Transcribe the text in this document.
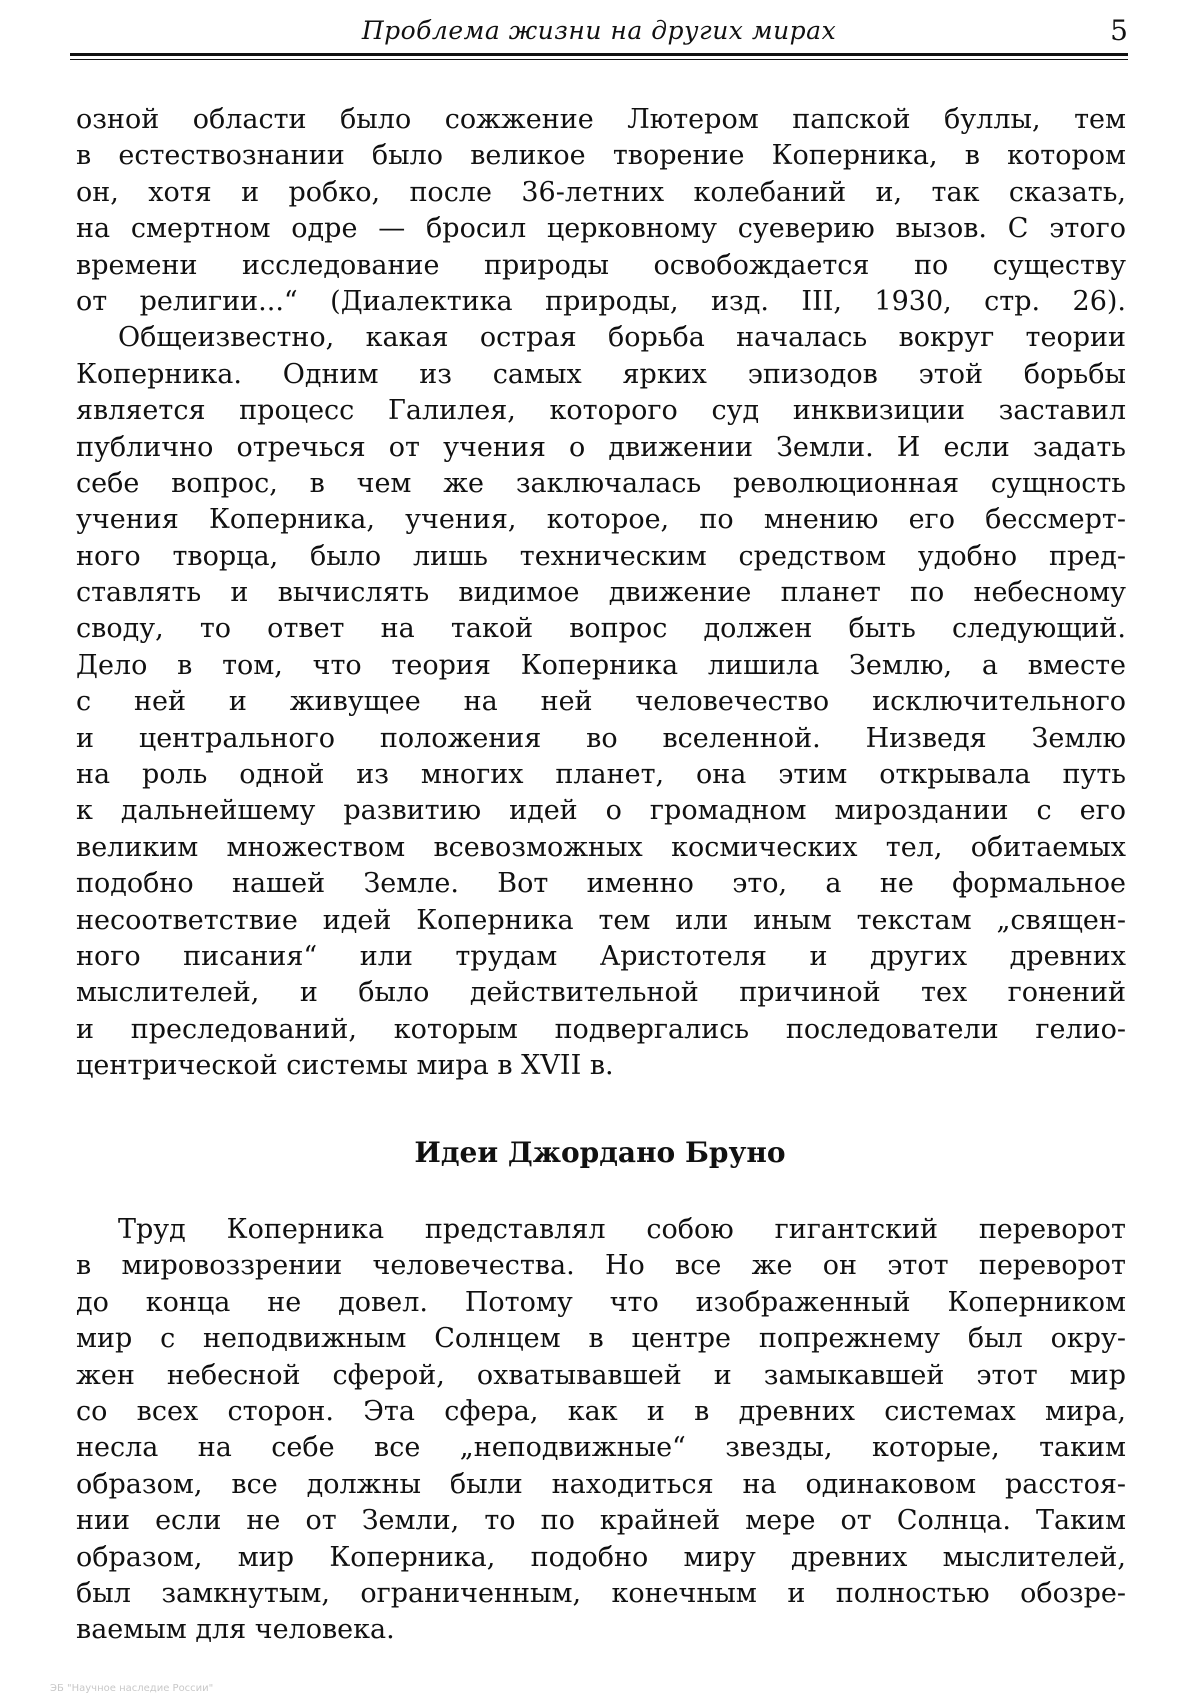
Проблема жизни на других мирах	5
озной области было сожжение Лютером папской буллы, тем
в естествознании было великое творение Коперника, в котором
он, хотя и робко, после 36-летних колебаний и, так сказать,
на смертном одре — бросил церковному суеверию вызов. С этого
времени исследование природы освобождается по существу
от религии...“ (Диалектика природы, изд. III, 1930, стр. 26).
Общеизвестно, какая острая борьба началась вокруг теории
Коперника. Одним из самых ярких эпизодов этой борьбы
является процесс Галилея, которого суд инквизиции заставил
публично отречься от учения о движении Земли. И если задать
себе вопрос, в чем же заключалась революционная сущность
учения Коперника, учения, которое, по мнению его бессмерт-
ного творца, было лишь техническим средством удобно пред-
ставлять и вычислять видимое движение планет по небесному
своду, то ответ на такой вопрос должен быть следующий.
Дело в том, что теория Коперника лишила Землю, а вместе
с ней и живущее на ней человечество исключительного
и центрального положения во вселенной. Низведя Землю
на роль одной из многих планет, она этим открывала путь
к дальнейшему развитию идей о громадном мироздании с его
великим множеством всевозможных космических тел, обитаемых
подобно нашей Земле. Вот именно это, а не формальное
несоответствие идей Коперника тем или иным текстам „священ-
ного писания“ или трудам Аристотеля и других древних
мыслителей, и было действительной причиной тех гонений
и преследований, которым подвергались последователи гелио-
центрической системы мира в XVII в.
Идеи Джордано Бруно
Труд Коперника представлял собою гигантский переворот
в мировоззрении человечества. Но все же он этот переворот
до конца не довел. Потому что изображенный Коперником
мир с неподвижным Солнцем в центре попрежнему был окру-
жен небесной сферой, охватывавшей и замыкавшей этот мир
со всех сторон. Эта сфера, как и в древних системах мира,
несла на себе все „неподвижные“ звезды, которые, таким
образом, все должны были находиться на одинаковом расстоя-
нии если не от Земли, то по крайней мере от Солнца. Таким
образом, мир Коперника, подобно миру древних мыслителей,
был замкнутым, ограниченным, конечным и полностью обозре-
ваемым для человека.
ЭБ "Научное наследие России"
